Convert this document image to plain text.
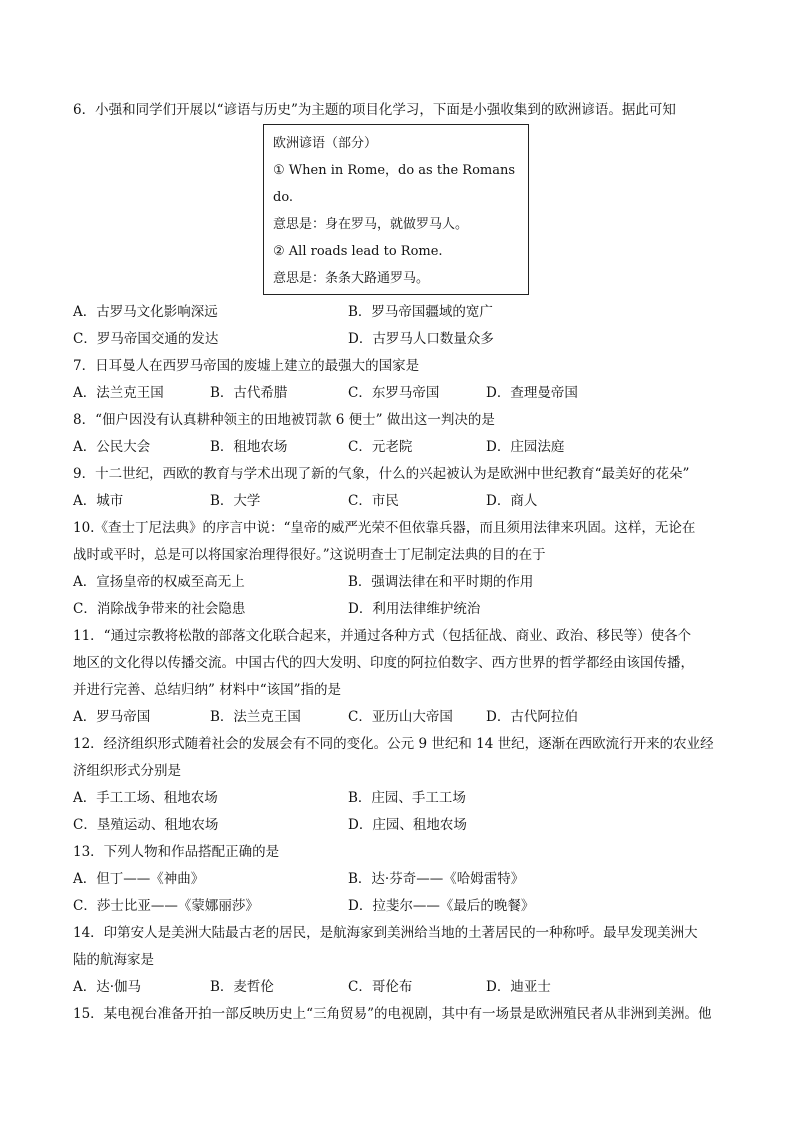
6．小强和同学们开展以“谚语与历史”为主题的项目化学习，下面是小强收集到的欧洲谚语。据此可知
欧洲谚语（部分）
① When in Rome，do as the Romans
do.
意思是：身在罗马，就做罗马人。
② All roads lead to Rome.
意思是：条条大路通罗马。
A．古罗马文化影响深远	B．罗马帝国疆域的宽广
C．罗马帝国交通的发达	D．古罗马人口数量众多
7．日耳曼人在西罗马帝国的废墟上建立的最强大的国家是
A．法兰克王国	B．古代希腊	C．东罗马帝国	D．查理曼帝国
8．“佃户因没有认真耕种领主的田地被罚款 6 便士” 做出这一判决的是
A．公民大会	B．租地农场	C．元老院	D．庄园法庭
9．十二世纪，西欧的教育与学术出现了新的气象，什么的兴起被认为是欧洲中世纪教育“最美好的花朵”
A．城市	B．大学	C．市民	D．商人
10.《查士丁尼法典》的序言中说：“皇帝的威严光荣不但依靠兵器，而且须用法律来巩固。这样，无论在
战时或平时，总是可以将国家治理得很好。”这说明查士丁尼制定法典的目的在于
A．宣扬皇帝的权威至高无上	B．强调法律在和平时期的作用
C．消除战争带来的社会隐患	D．利用法律维护统治
11．“通过宗教将松散的部落文化联合起来，并通过各种方式（包括征战、商业、政治、移民等）使各个
地区的文化得以传播交流。中国古代的四大发明、印度的阿拉伯数字、西方世界的哲学都经由该国传播，
并进行完善、总结归纳” 材料中“该国”指的是
A．罗马帝国	B．法兰克王国	C．亚历山大帝国 D．古代阿拉伯
12．经济组织形式随着社会的发展会有不同的变化。公元 9 世纪和 14 世纪，逐渐在西欧流行开来的农业经
济组织形式分别是
A．手工工场、租地农场	B．庄园、手工工场
C．垦殖运动、租地农场	D．庄园、租地农场
13．下列人物和作品搭配正确的是
A．但丁——《神曲》	B．达·芬奇——《哈姆雷特》
C．莎士比亚——《蒙娜丽莎》	D．拉斐尔——《最后的晚餐》
14．印第安人是美洲大陆最古老的居民，是航海家到美洲给当地的土著居民的一种称呼。最早发现美洲大
陆的航海家是
A．达·伽马	B．麦哲伦	C．哥伦布	D．迪亚士
15．某电视台准备开拍一部反映历史上“三角贸易”的电视剧，其中有一场景是欧洲殖民者从非洲到美洲。他
